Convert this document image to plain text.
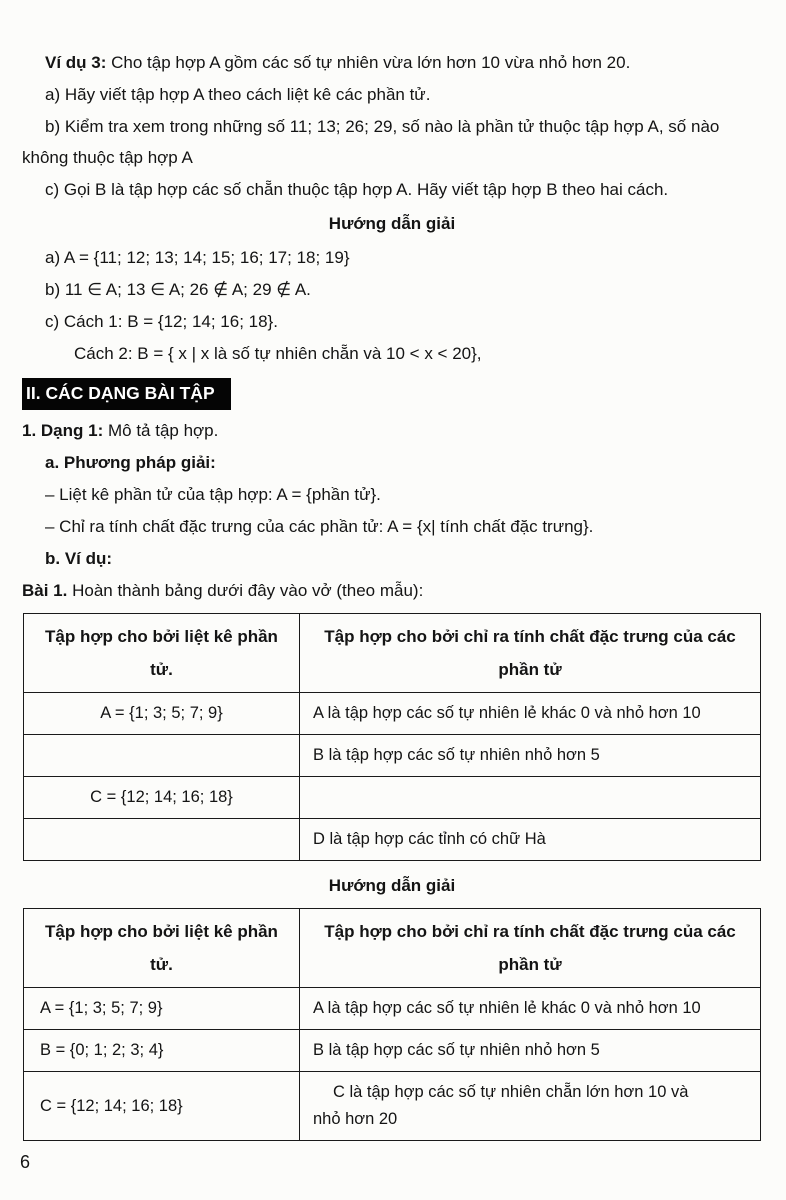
Ví dụ 3: Cho tập hợp A gồm các số tự nhiên vừa lớn hơn 10 vừa nhỏ hơn 20.

a) Hãy viết tập hợp A theo cách liệt kê các phần tử.

b) Kiểm tra xem trong những số 11; 13; 26; 29, số nào là phần tử thuộc tập hợp A, số nào không thuộc tập hợp A

c) Gọi B là tập hợp các số chẵn thuộc tập hợp A. Hãy viết tập hợp B theo hai cách.

Hướng dẫn giải

a) A = {11; 12; 13; 14; 15; 16; 17; 18; 19}

b) 11 ∈ A; 13 ∈ A; 26 ∉ A; 29 ∉ A.

c) Cách 1: B = {12; 14; 16; 18}.

Cách 2: B = { x | x là số tự nhiên chẵn và 10 < x < 20},

II. CÁC DẠNG BÀI TẬP

1. Dạng 1: Mô tả tập hợp.

a. Phương pháp giải:

– Liệt kê phần tử của tập hợp: A = {phần tử}.

– Chỉ ra tính chất đặc trưng của các phần tử: A = {x| tính chất đặc trưng}.

b. Ví dụ:

Bài 1. Hoàn thành bảng dưới đây vào vở (theo mẫu):

Tập hợp cho bởi liệt kê phần tử.	Tập hợp cho bởi chỉ ra tính chất đặc trưng của các phần tử
A = {1; 3; 5; 7; 9}	A là tập hợp các số tự nhiên lẻ khác 0 và nhỏ hơn 10
	B là tập hợp các số tự nhiên nhỏ hơn 5
C = {12; 14; 16; 18}	
	D là tập hợp các tỉnh có chữ Hà

Hướng dẫn giải

Tập hợp cho bởi liệt kê phần tử.	Tập hợp cho bởi chỉ ra tính chất đặc trưng của các phần tử
A = {1; 3; 5; 7; 9}	A là tập hợp các số tự nhiên lẻ khác 0 và nhỏ hơn 10
B = {0; 1; 2; 3; 4}	B là tập hợp các số tự nhiên nhỏ hơn 5
C = {12; 14; 16; 18}	C là tập hợp các số tự nhiên chẵn lớn hơn 10 và nhỏ hơn 20
6
